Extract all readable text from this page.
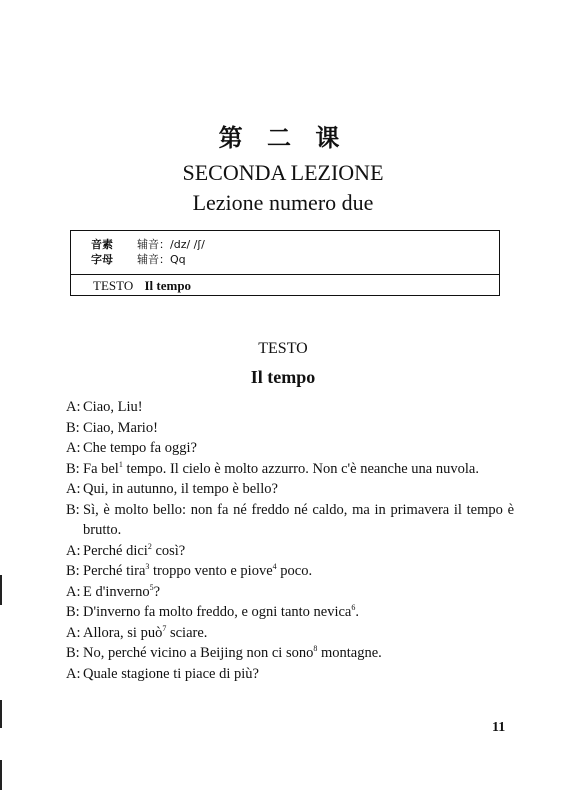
第 二 课
SECONDA LEZIONE
Lezione numero due
音素	辅音：/dz/ /ʃ/
字母	辅音：Qq
TESTO Il tempo
TESTO
Il tempo
A: Ciao, Liu!
B: Ciao, Mario!
A: Che tempo fa oggi?
B: Fa bel$^1$ tempo. Il cielo è molto azzurro. Non c'è neanche una nuvola.
A: Qui, in autunno, il tempo è bello?
B: Sì, è molto bello: non fa né freddo né caldo, ma in primavera il tempo è brutto.
A: Perché dici$^2$ così?
B: Perché tira$^3$ troppo vento e piove$^4$ poco.
A: E d'inverno$^5$?
B: D'inverno fa molto freddo, e ogni tanto nevica$^6$.
A: Allora, si può$^7$ sciare.
B: No, perché vicino a Beijing non ci sono$^8$ montagne.
A: Quale stagione ti piace di più?
11
